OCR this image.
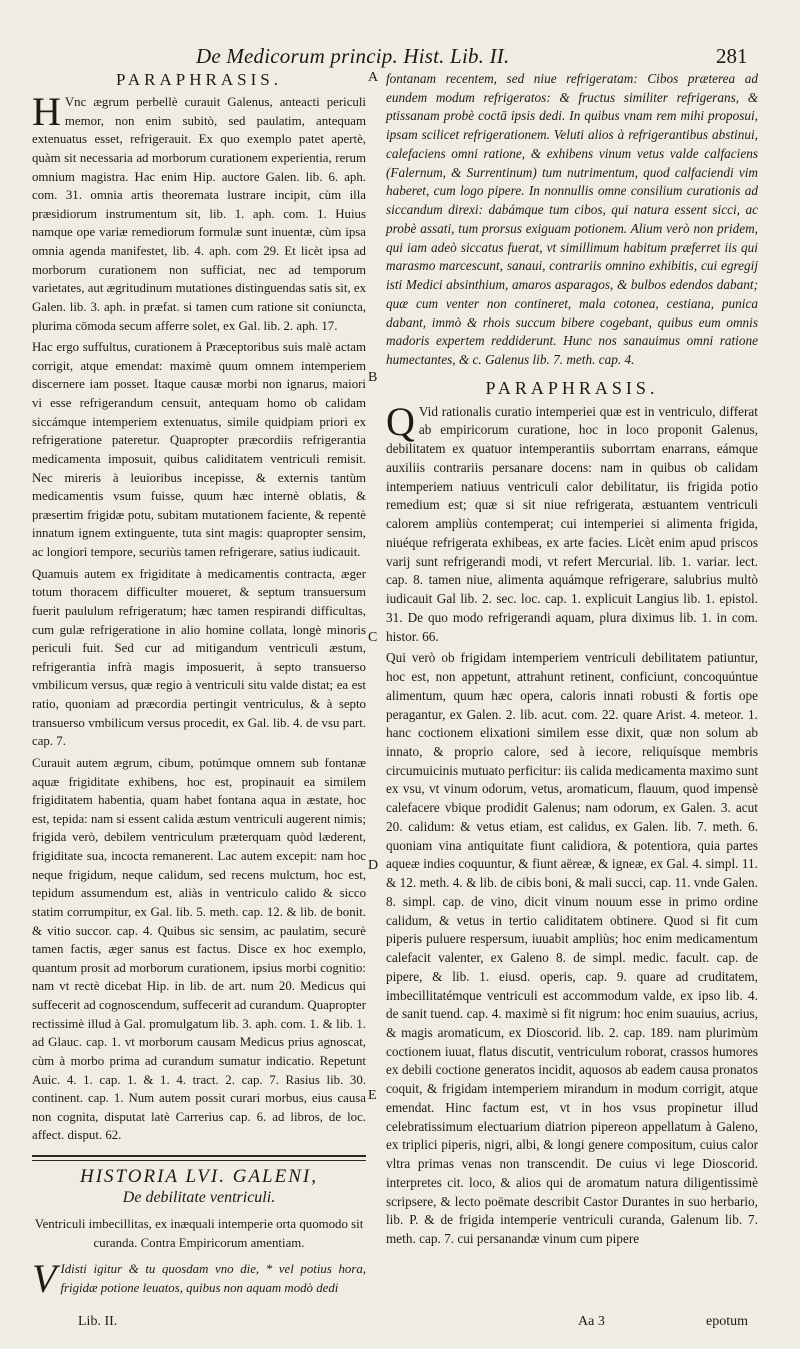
De Medicorum princip. Hist. Lib. II.	281
PARAPHRASIS.

H Vnc ægrum perbellè curauit Galenus, anteacti periculi memor, non enim subitò, sed paulatim, antequam extenuatus esset, refrigerauit. Ex quo exemplo patet apertè, quàm sit necessaria ad morborum curationem experientia, rerum omnium magistra. Hac enim Hip. auctore Galen. lib. 6. aph. com. 31. omnia artis theoremata lustrare incipit, cùm illa præsidiorum instrumentum sit, lib. 1. aph. com. 1. Huius namque ope variæ remediorum formulæ sunt inuentæ, cùm ipsa omnia agenda manifestet, lib. 4. aph. com 29. Et licèt ipsa ad morborum curationem non sufficiat, nec ad temporum varietates, aut ægritudinum mutationes distinguendas satis sit, ex Galen. lib. 3. aph. in præfat. si tamen cum ratione sit coniuncta, plurima cōmoda secum afferre solet, ex Gal. lib. 2. aph. 17.

Hac ergo suffultus, curationem à Præceptoribus suis malè actam corrigit, atque emendat: maximè quum omnem intemperiem discernere iam posset. Itaque causæ morbi non ignarus, maiori vi esse refrigerandum censuit, antequam homo ob calidam siccámque intemperiem extenuatus, simile quidpiam priori ex refrigeratione pateretur. Quapropter præcordiis refrigerantia medicamenta imposuit, quibus caliditatem ventriculi remisit. Nec mireris à leuioribus incepisse, & externis tantùm medicamentis vsum fuisse, quum hæc internè oblatis, & præsertim frigidæ potu, subitam mutationem faciente, & repentè innatum ignem extinguente, tuta sint magis: quapropter sensim, ac longiori tempore, securiùs tamen refrigerare, satius iudicauit.

Quamuis autem ex frigiditate à medicamentis contracta, æger totum thoracem difficulter moueret, & septum transuersum fuerit paululum refrigeratum; hæc tamen respirandi difficultas, cum gulæ refrigeratione in alio homine collata, longè minoris periculi fuit. Sed cur ad mitigandum ventriculi æstum, refrigerantia infrà magis imposuerit, à septo transuerso vmbilicum versus, quæ regio à ventriculi situ valde distat; ea est ratio, quoniam ad præcordia pertingit ventriculus, & à septo transuerso vmbilicum versus procedit, ex Gal. lib. 4. de vsu part. cap. 7.

Curauit autem ægrum, cibum, potúmque omnem sub fontanæ aquæ frigiditate exhibens, hoc est, propinauit ea similem frigiditatem habentia, quam habet fontana aqua in æstate, hoc est, tepida: nam si essent calida æstum ventriculi augerent nimis; frigida verò, debilem ventriculum præterquam quòd læderent, frigiditate sua, incocta remanerent. Lac autem excepit: nam hoc neque frigidum, neque calidum, sed recens mulctum, hoc est, tepidum assumendum est, aliàs in ventriculo calido & sicco statim corrumpitur, ex Gal. lib. 5. meth. cap. 12. & lib. de bonit. & vitio succor. cap. 4. Quibus sic sensim, ac paulatim, securè tamen factis, æger sanus est factus. Disce ex hoc exemplo, quantum prosit ad morborum curationem, ipsius morbi cognitio: nam vt rectè dicebat Hip. in lib. de art. num 20. Medicus qui suffecerit ad cognoscendum, suffecerit ad curandum. Quapropter rectissimè illud à Gal. promulgatum lib. 3. aph. com. 1. & lib. 1. ad Glauc. cap. 1. vt morborum causam Medicus prius agnoscat, cùm à morbo prima ad curandum sumatur indicatio. Repetunt Auic. 4. 1. cap. 1. & 1. 4. tract. 2. cap. 7. Rasius lib. 30. continent. cap. 1. Num autem possit curari morbus, eius causa non cognita, disputat latè Carrerius cap. 6. ad libros, de loc. affect. disput. 62.

HISTORIA LVI. GALENI,
De debilitate ventriculi.

Ventriculi imbecillitas, ex inæquali intemperie orta quomodo sit curanda. Contra Empiricorum amentiam.

V Idisti igitur & tu quosdam vno die, * vel potius hora, frigidæ potione leuatos, quibus non aquam modò dedi

fontanam recentem, sed niue refrigeratam: Cibos præterea ad eundem modum refrigeratos: & fructus similiter refrigerans, & ptissanam probè coctā ipsis dedi. In quibus vnam rem mihi proposui, ipsam scilicet refrigerationem. Veluti alios à refrigerantibus abstinui, calefaciens omni ratione, & exhibens vinum vetus valde calfaciens (Falernum, & Surrentinum) tum nutrimentum, quod calfaciendi vim haberet, cum logo pipere. In nonnullis omne consilium curationis ad siccandum direxi: dabámque tum cibos, qui natura essent sicci, ac probè assati, tum prorsus exiguam potionem. Alium verò non pridem, qui iam adeò siccatus fuerat, vt simillimum habitum præferret iis qui marasmo marcescunt, sanaui, contrariis omnino exhibitis, cui egregij isti Medici absinthium, amaros asparagos, & bulbos edendos dabant; quæ cum venter non contineret, mala cotonea, cestiana, punica dabant, immò & rhois succum bibere cogebant, quibus eum omnis madoris expertem reddiderunt. Hunc nos sanauimus omni ratione humectantes, & c. Galenus lib. 7. meth. cap. 4.

PARAPHRASIS.

Q Vid rationalis curatio intemperiei quæ est in ventriculo, differat ab empiricorum curatione, hoc in loco proponit Galenus, debilitatem ex quatuor intemperantiis suborrtam enarrans, eámque auxiliis contrariis persanare docens: nam in quibus ob calidam intemperiem natiuus ventriculi calor debilitatur, iis frigida potio remedium est; quæ si sit niue refrigerata, æstuantem ventriculi calorem ampliùs contemperat; cui intemperiei si alimenta frigida, niuéque refrigerata exhibeas, ex arte facies. Licèt enim apud priscos varij sunt refrigerandi modi, vt refert Mercurial. lib. 1. variar. lect. cap. 8. tamen niue, alimenta aquámque refrigerare, salubrius multò iudicauit Gal lib. 2. sec. loc. cap. 1. explicuit Langius lib. 1. epistol. 31. De quo modo refrigerandi aquam, plura diximus lib. 1. in com. histor. 66.

Qui verò ob frigidam intemperiem ventriculi debilitatem patiuntur, hoc est, non appetunt, attrahunt retinent, conficiunt, concoquúntue alimentum, quum hæc opera, caloris innati robusti & fortis ope peragantur, ex Galen. 2. lib. acut. com. 22. quare Arist. 4. meteor. 1. hanc coctionem elixationi similem esse dixit, quæ non solum ab innato, & proprio calore, sed à iecore, reliquísque membris circumuicinis mutuato perficitur: iis calida medicamenta maximo sunt ex vsu, vt vinum odorum, vetus, aromaticum, flauum, quod impensè calefacere vbique prodidit Galenus; nam odorum, ex Galen. 3. acut 20. calidum: & vetus etiam, est calidus, ex Galen. lib. 7. meth. 6. quoniam vina antiquitate fiunt calidiora, & potentiora, quia partes aqueæ indies coquuntur, & fiunt aëreæ, & igneæ, ex Gal. 4. simpl. 11. & 12. meth. 4. & lib. de cibis boni, & mali succi, cap. 11. vnde Galen. 8. simpl. cap. de vino, dicit vinum nouum esse in primo ordine calidum, & vetus in tertio caliditatem obtinere. Quod si fit cum piperis puluere respersum, iuuabit ampliùs; hoc enim medicamentum calefacit valenter, ex Galeno 8. de simpl. medic. facult. cap. de pipere, & lib. 1. eiusd. operis, cap. 9. quare ad cruditatem, imbecillitatémque ventriculi est accommodum valde, ex ipso lib. 4. de sanit tuend. cap. 4. maximè si fit nigrum: hoc enim suauius, acrius, & magis aromaticum, ex Dioscorid. lib. 2. cap. 189. nam plurimùm coctionem iuuat, flatus discutit, ventriculum roborat, crassos humores ex debili coctione generatos incidit, aquosos ab eadem causa pronatos coquit, & frigidam intemperiem mirandum in modum corrigit, atque emendat. Hinc factum est, vt in hos vsus propinetur illud celebratissimum electuarium diatrion pipereon appellatum à Galeno, ex triplici piperis, nigri, albi, & longi genere compositum, cuius calor vltra primas venas non transcendit. De cuius vi lege Dioscorid. interpretes cit. loco, & alios qui de aromatum natura diligentissimè scripsere, & lecto poëmate describit Castor Durantes in suo herbario, lib. P. & de frigida intemperie ventriculi curanda, Galenum lib. 7. meth. cap. 7. cui persanandæ vinum cum pipere

A
B
C
D
E
Lib. II.	Aa 3	epotum
